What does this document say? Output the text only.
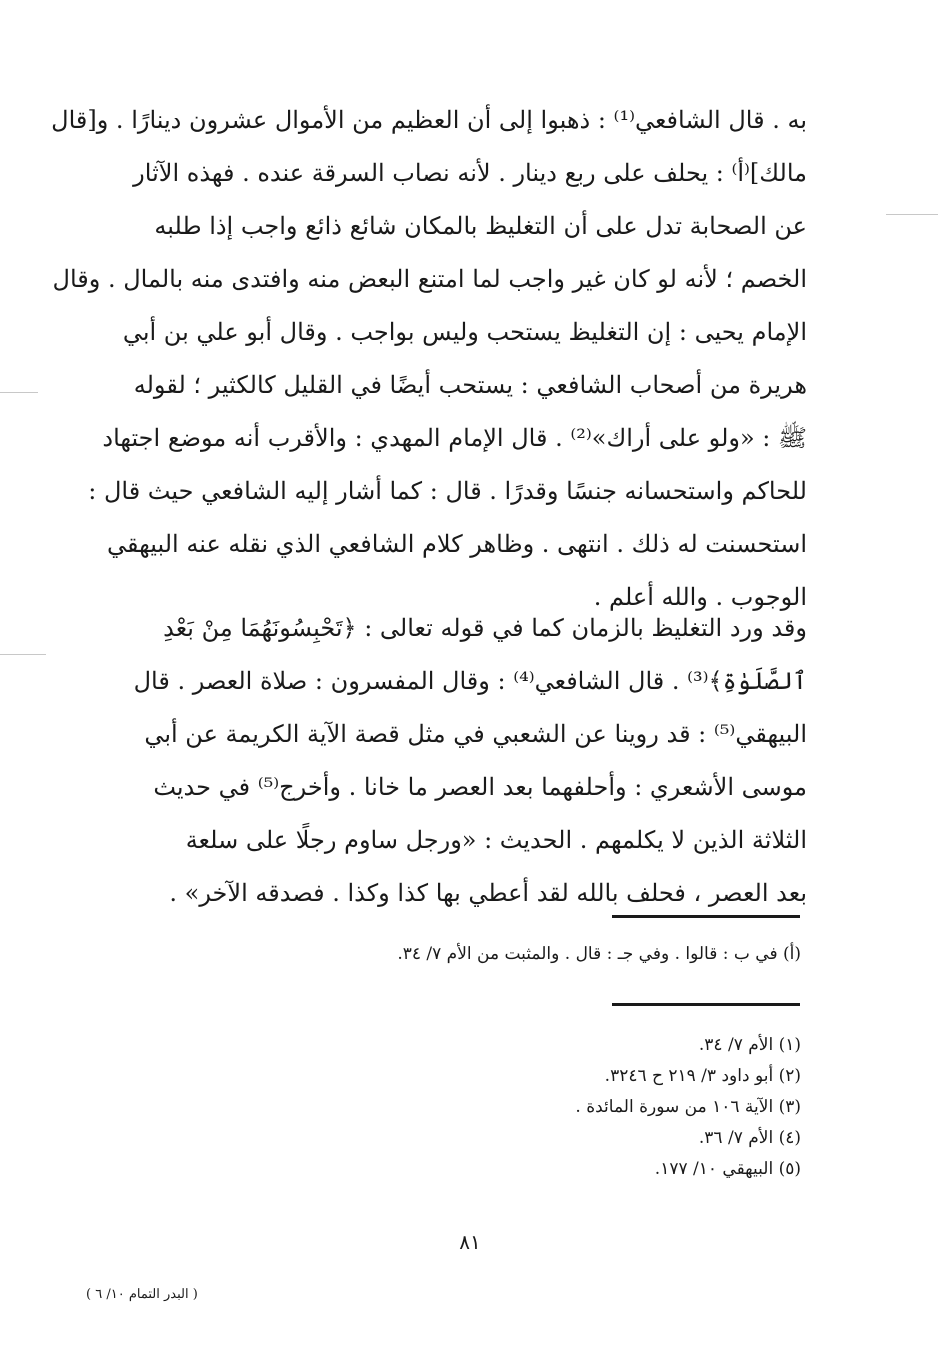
به . قال الشافعي⁽¹⁾ : ذهبوا إلى أن العظيم من الأموال عشرون دينارًا . و[قال
مالك]⁽أ⁾ : يحلف على ربع دينار . لأنه نصاب السرقة عنده . فهذه الآثار
عن الصحابة تدل على أن التغليظ بالمكان شائع ذائع واجب إذا طلبه
الخصم ؛ لأنه لو كان غير واجب لما امتنع البعض منه وافتدى منه بالمال . وقال
الإمام يحيى : إن التغليظ يستحب وليس بواجب . وقال أبو علي بن أبي
هريرة من أصحاب الشافعي : يستحب أيضًا في القليل كالكثير ؛ لقوله
ﷺ : «ولو على أراك»⁽²⁾ . قال الإمام المهدي : والأقرب أنه موضع اجتهاد
للحاكم واستحسانه جنسًا وقدرًا . قال : كما أشار إليه الشافعي حيث قال :
استحسنت له ذلك . انتهى . وظاهر كلام الشافعي الذي نقله عنه البيهقي
الوجوب . والله أعلم .
وقد ورد التغليظ بالزمان كما في قوله تعالى : ﴿تَحْبِسُونَهُمَا مِنْ بَعْدِ
ٱلصَّلَوٰةِ﴾⁽³⁾ . قال الشافعي⁽⁴⁾ : وقال المفسرون : صلاة العصر . قال
البيهقي⁽⁵⁾ : قد روينا عن الشعبي في مثل قصة الآية الكريمة عن أبي
موسى الأشعري : وأحلفهما بعد العصر ما خانا . وأخرج⁽⁵⁾ في حديث
الثلاثة الذين لا يكلمهم . الحديث : «ورجل ساوم رجلًا على سلعة
بعد العصر ، فحلف بالله لقد أعطي بها كذا وكذا . فصدقه الآخر» .
(أ) في ب : قالوا . وفي جـ : قال . والمثبت من الأم ٧/ ٣٤.
(١) الأم ٧/ ٣٤.
(٢) أبو داود ٣/ ٢١٩ ح ٣٢٤٦.
(٣) الآية ١٠٦ من سورة المائدة .
(٤) الأم ٧/ ٣٦.
(٥) البيهقي ١٠/ ١٧٧.
٨١
( البدر التمام ١٠/ ٦ )
